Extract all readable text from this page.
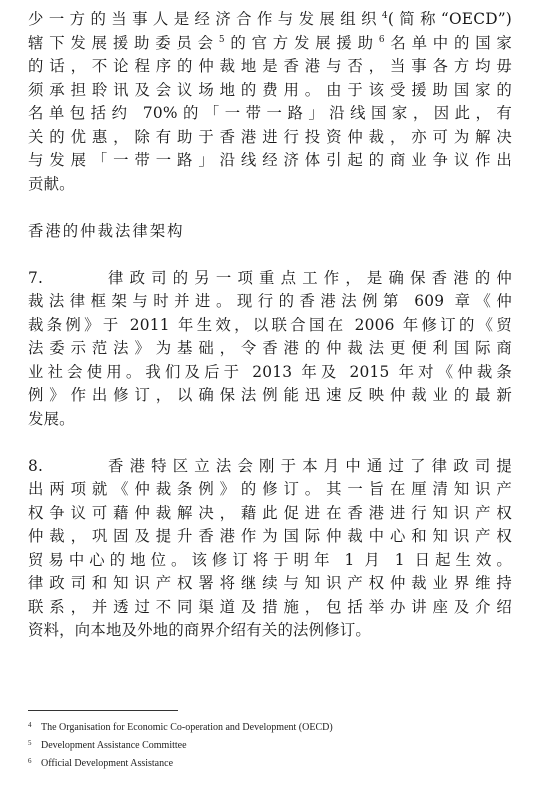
少一方的当事人是经济合作与发展组织$^4$(简称“OECD”)
辖下发展援助委员会$^5$的官方发展援助$^6$名单中的国家
的话，不论程序的仲裁地是香港与否，当事各方均毋
须承担聆讯及会议场地的费用。由于该受援助国家的
名单包括约 70%的「一带一路」沿线国家，因此，有
关的优惠，除有助于香港进行投资仲裁，亦可为解决
与发展「一带一路」沿线经济体引起的商业争议作出
贡献。
香港的仲裁法律架构
7.	律政司的另一项重点工作，是确保香港的仲
裁法律框架与时并进。现行的香港法例第 609 章《仲
裁条例》于 2011 年生效，以联合国在 2006 年修订的《贸
法委示范法》为基础，令香港的仲裁法更便利国际商
业社会使用。我们及后于 2013 年及 2015 年对《仲裁条
例》作出修订，以确保法例能迅速反映仲裁业的最新
发展。
8.	香港特区立法会刚于本月中通过了律政司提
出两项就《仲裁条例》的修订。其一旨在厘清知识产
权争议可藉仲裁解决，藉此促进在香港进行知识产权
仲裁，巩固及提升香港作为国际仲裁中心和知识产权
贸易中心的地位。该修订将于明年 1 月 1 日起生效。
律政司和知识产权署将继续与知识产权仲裁业界维持
联系，并透过不同渠道及措施，包括举办讲座及介绍
资料，向本地及外地的商界介绍有关的法例修订。
4 The Organisation for Economic Co-operation and Development (OECD)
5 Development Assistance Committee
6 Official Development Assistance
